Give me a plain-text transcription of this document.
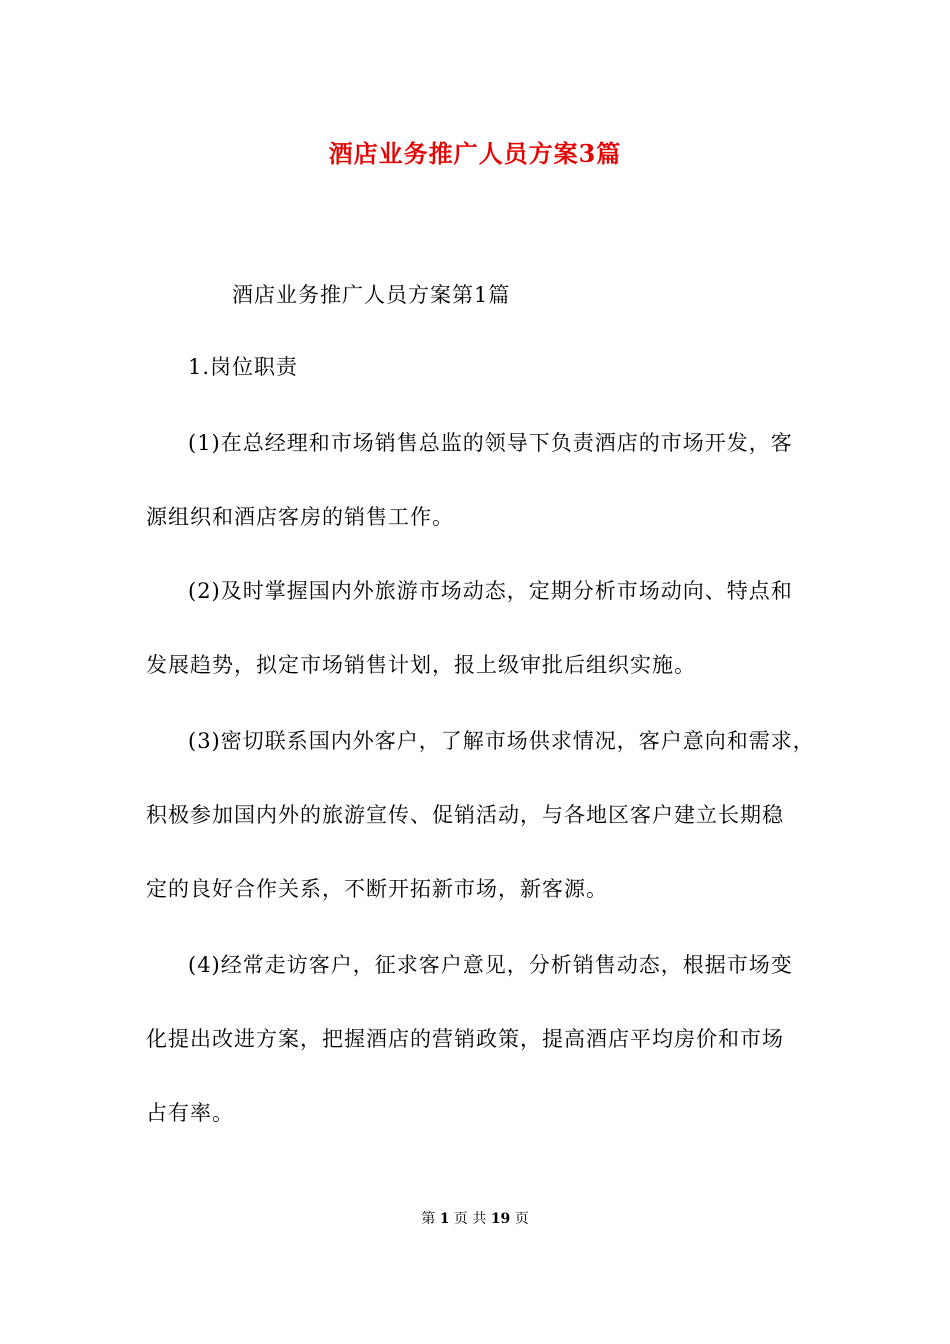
酒店业务推广人员方案3篇
酒店业务推广人员方案第1篇
1.岗位职责
(1)在总经理和市场销售总监的领导下负责酒店的市场开发，客
源组织和酒店客房的销售工作。
(2)及时掌握国内外旅游市场动态，定期分析市场动向、特点和
发展趋势，拟定市场销售计划，报上级审批后组织实施。
(3)密切联系国内外客户，了解市场供求情况，客户意向和需求，
积极参加国内外的旅游宣传、促销活动，与各地区客户建立长期稳
定的良好合作关系，不断开拓新市场，新客源。
(4)经常走访客户，征求客户意见，分析销售动态，根据市场变
化提出改进方案，把握酒店的营销政策，提高酒店平均房价和市场
占有率。
第 1 页 共 19 页
